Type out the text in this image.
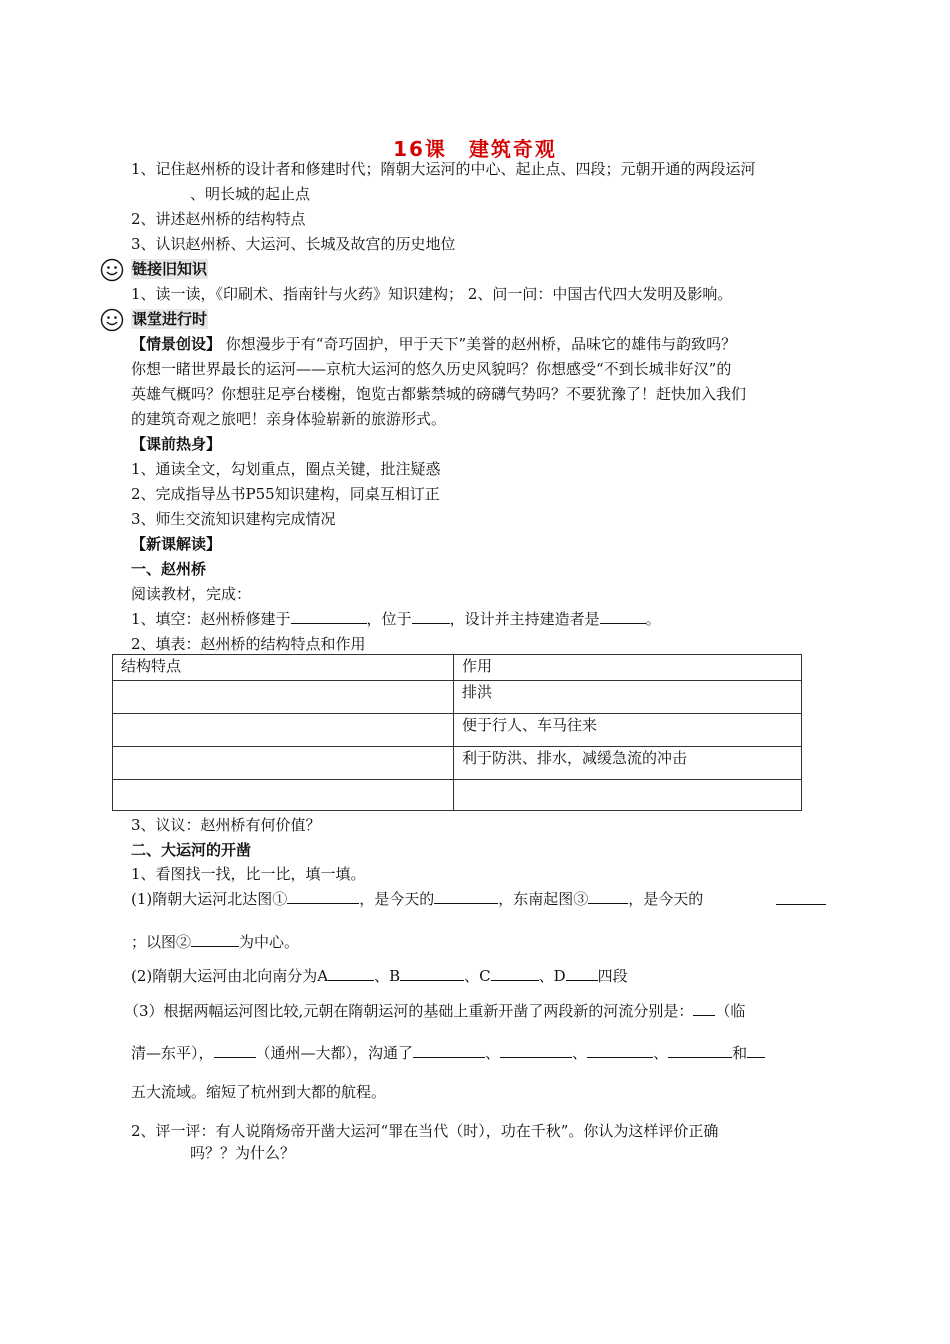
16课　建筑奇观
1、记住赵州桥的设计者和修建时代；隋朝大运河的中心、起止点、四段；元朝开通的两段运河
、明长城的起止点
2、讲述赵州桥的结构特点
3、认识赵州桥、大运河、长城及故宫的历史地位
链接旧知识
1、读一读，《印刷术、指南针与火药》知识建构； 2、问一问：中国古代四大发明及影响。
课堂进行时
【情景创设】 你想漫步于有“奇巧固护，甲于天下”美誉的赵州桥，品味它的雄伟与韵致吗？
你想一睹世界最长的运河——京杭大运河的悠久历史风貌吗？你想感受“不到长城非好汉”的
英雄气概吗？你想驻足亭台楼榭，饱览古都紫禁城的磅礴气势吗？不要犹豫了！赶快加入我们
的建筑奇观之旅吧！亲身体验崭新的旅游形式。
【课前热身】
1、通读全文，勾划重点，圈点关键，批注疑惑
2、完成指导丛书P55知识建构，同桌互相订正
3、师生交流知识建构完成情况
【新课解读】
一、赵州桥
阅读教材，完成：
1、填空：赵州桥修建于	，位于	，设计并主持建造者是	。
2、填表：赵州桥的结构特点和作用
结构特点	作用
	排洪
	便于行人、车马往来
	利于防洪、排水，减缓急流的冲击

3、议议：赵州桥有何价值？
二、大运河的开凿
1、看图找一找，比一比，填一填。
(1)隋朝大运河北达图①	，是今天的	，东南起图③	，是今天的
；以图②	为中心。
(2)隋朝大运河由北向南分为A	、B	、C	、D 四段
（3）根据两幅运河图比较,元朝在隋朝运河的基础上重新开凿了两段新的河流分别是： （临
清—东平），	（通州—大都），沟通了	、	、	、	和
五大流域。缩短了杭州到大都的航程。
2、评一评：有人说隋炀帝开凿大运河“罪在当代（时），功在千秋”。你认为这样评价正确
吗？？为什么？
